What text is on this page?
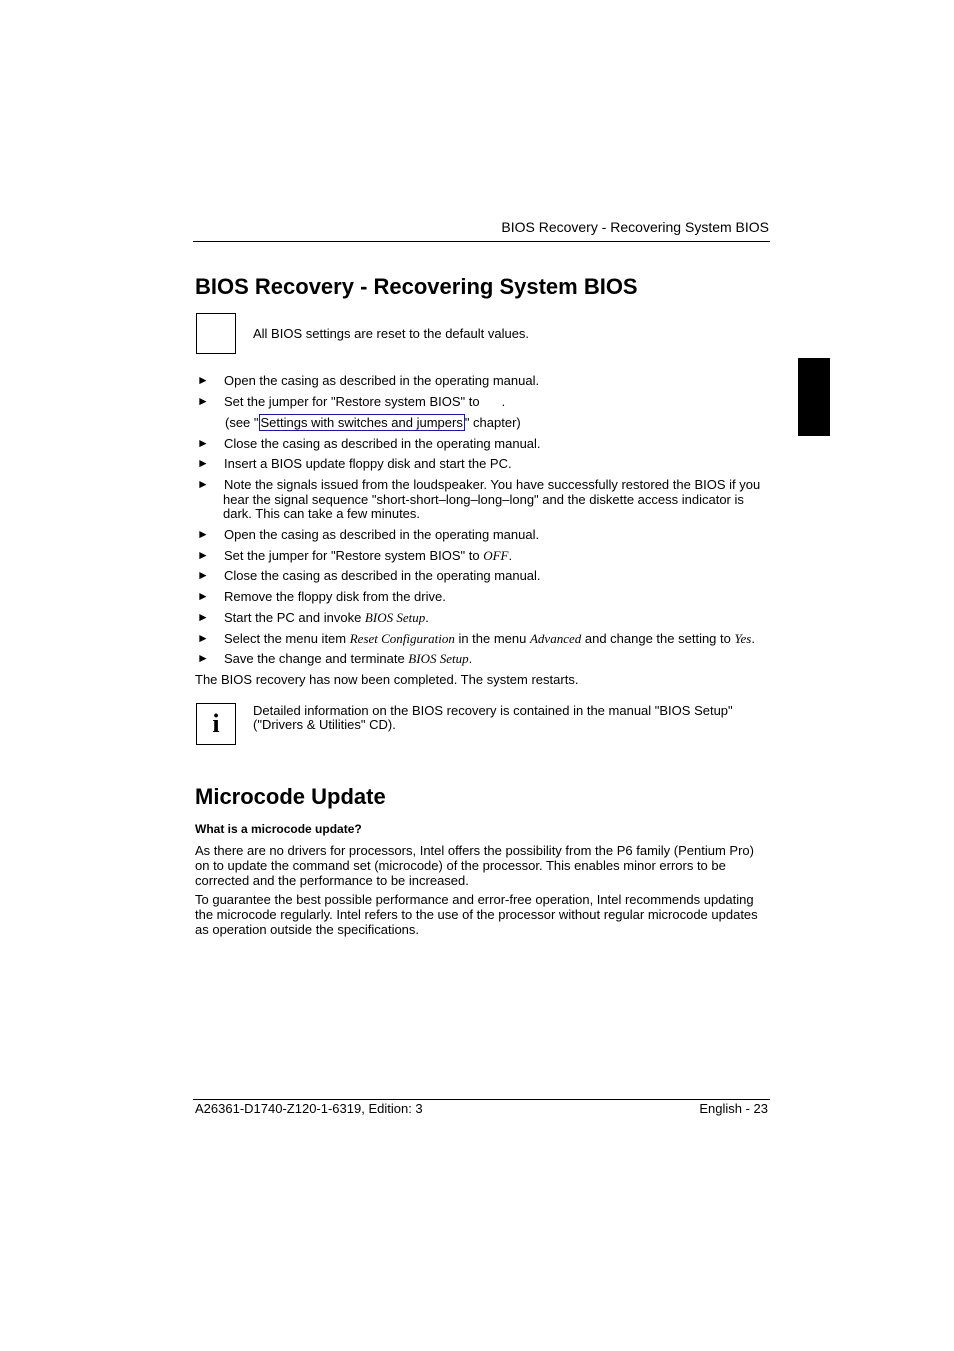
BIOS Recovery - Recovering System BIOS
BIOS Recovery - Recovering System BIOS
All BIOS settings are reset to the default values.
► Open the casing as described in the operating manual.
► Set the jumper for "Restore system BIOS" to .
(see " Settings with switches and jumpers " chapter)
► Close the casing as described in the operating manual.
► Insert a BIOS update floppy disk and start the PC.
► Note the signals issued from the loudspeaker. You have successfully restored the BIOS if you
hear the signal sequence "short-short–long–long–long" and the diskette access indicator is
dark. This can take a few minutes.
► Open the casing as described in the operating manual.
► Set the jumper for "Restore system BIOS" to OFF.
► Close the casing as described in the operating manual.
► Remove the floppy disk from the drive.
► Start the PC and invoke BIOS Setup.
► Select the menu item Reset Configuration in the menu Advanced and change the setting to Yes.
► Save the change and terminate BIOS Setup.
The BIOS recovery has now been completed. The system restarts.
i	Detailed information on the BIOS recovery is contained in the manual "BIOS Setup"
("Drivers & Utilities" CD).
Microcode Update
What is a microcode update?
As there are no drivers for processors, Intel offers the possibility from the P6 family (Pentium Pro) on to update the command set (microcode) of the processor. This enables minor errors to be corrected and the performance to be increased.
To guarantee the best possible performance and error-free operation, Intel recommends updating the microcode regularly. Intel refers to the use of the processor without regular microcode updates as operation outside the specifications.
A26361-D1740-Z120-1-6319, Edition: 3	English - 23
